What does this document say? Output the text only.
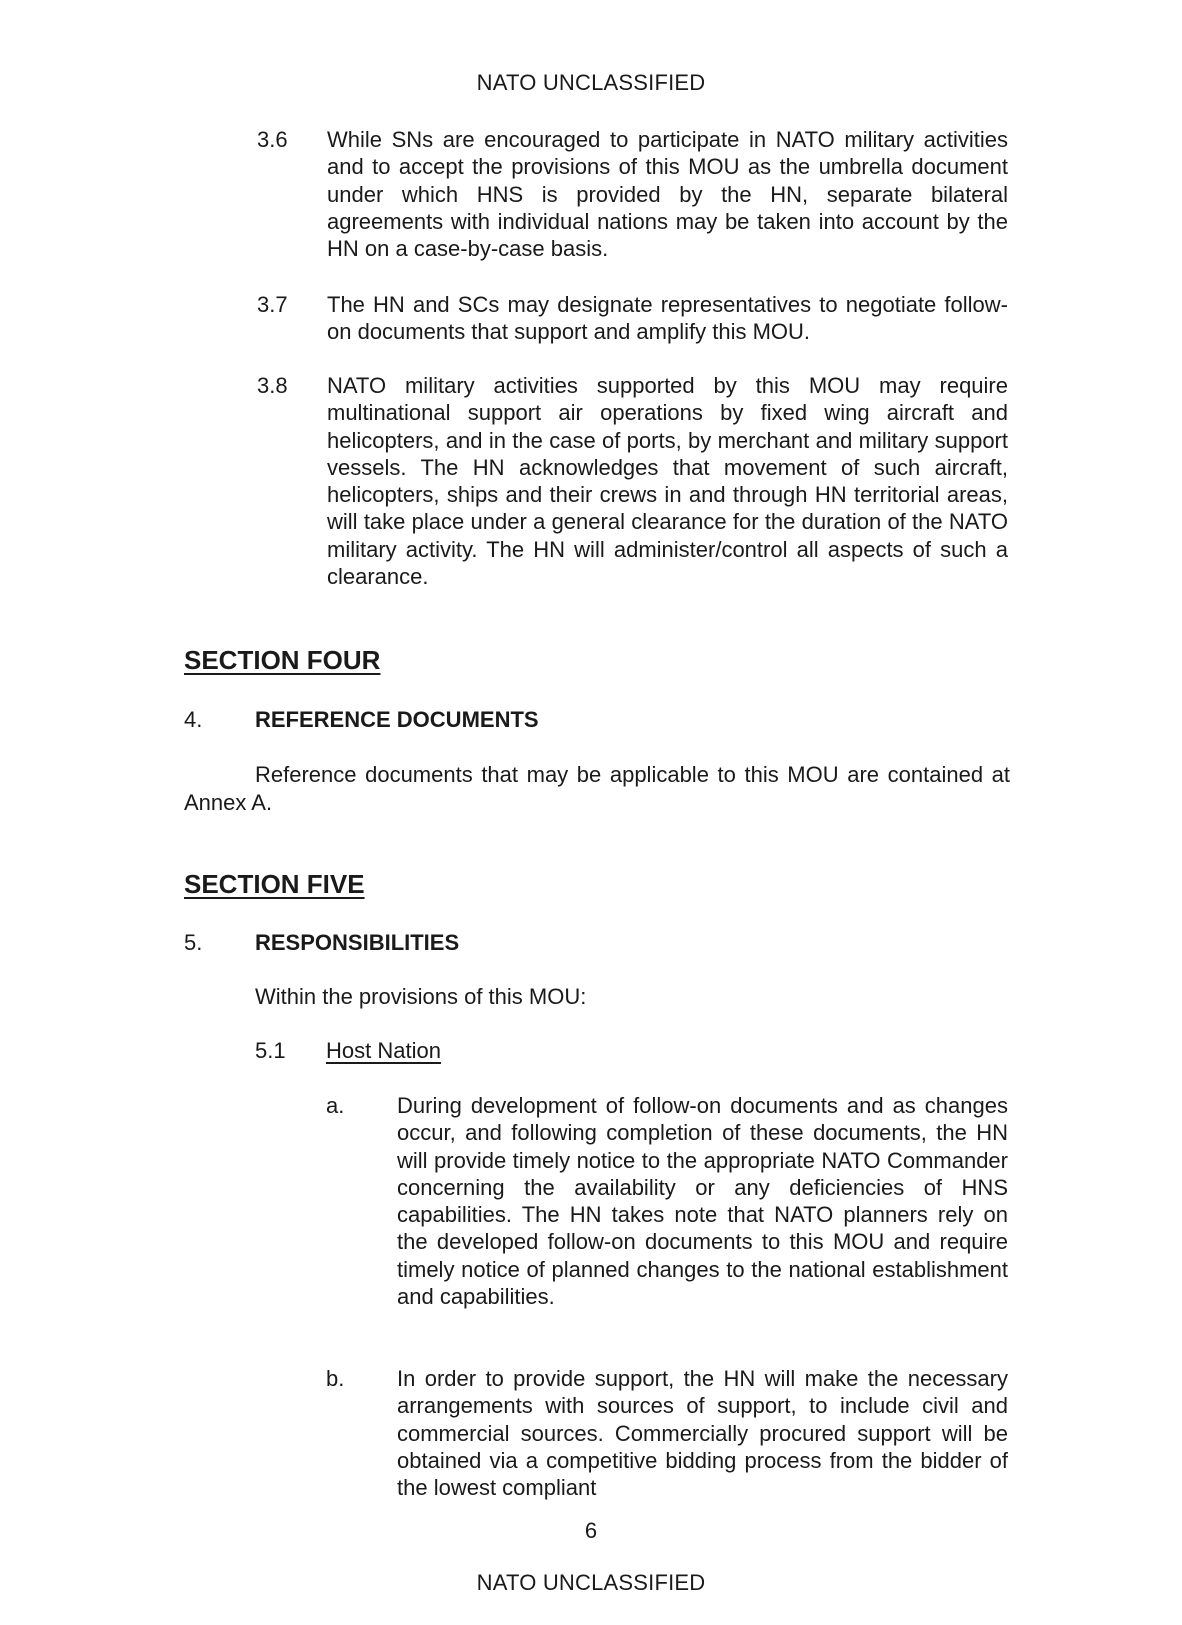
NATO UNCLASSIFIED
3.6 While SNs are encouraged to participate in NATO military activities and to accept the provisions of this MOU as the umbrella document under which HNS is provided by the HN, separate bilateral agreements with individual nations may be taken into account by the HN on a case-by-case basis.
3.7 The HN and SCs may designate representatives to negotiate follow-on documents that support and amplify this MOU.
3.8 NATO military activities supported by this MOU may require multinational support air operations by fixed wing aircraft and helicopters, and in the case of ports, by merchant and military support vessels. The HN acknowledges that movement of such aircraft, helicopters, ships and their crews in and through HN territorial areas, will take place under a general clearance for the duration of the NATO military activity. The HN will administer/control all aspects of such a clearance.
SECTION FOUR
4. REFERENCE DOCUMENTS
Reference documents that may be applicable to this MOU are contained at Annex A.
SECTION FIVE
5. RESPONSIBILITIES
Within the provisions of this MOU:
5.1 Host Nation
a. During development of follow-on documents and as changes occur, and following completion of these documents, the HN will provide timely notice to the appropriate NATO Commander concerning the availability or any deficiencies of HNS capabilities. The HN takes note that NATO planners rely on the developed follow-on documents to this MOU and require timely notice of planned changes to the national establishment and capabilities.
b. In order to provide support, the HN will make the necessary arrangements with sources of support, to include civil and commercial sources. Commercially procured support will be obtained via a competitive bidding process from the bidder of the lowest compliant
6
NATO UNCLASSIFIED
